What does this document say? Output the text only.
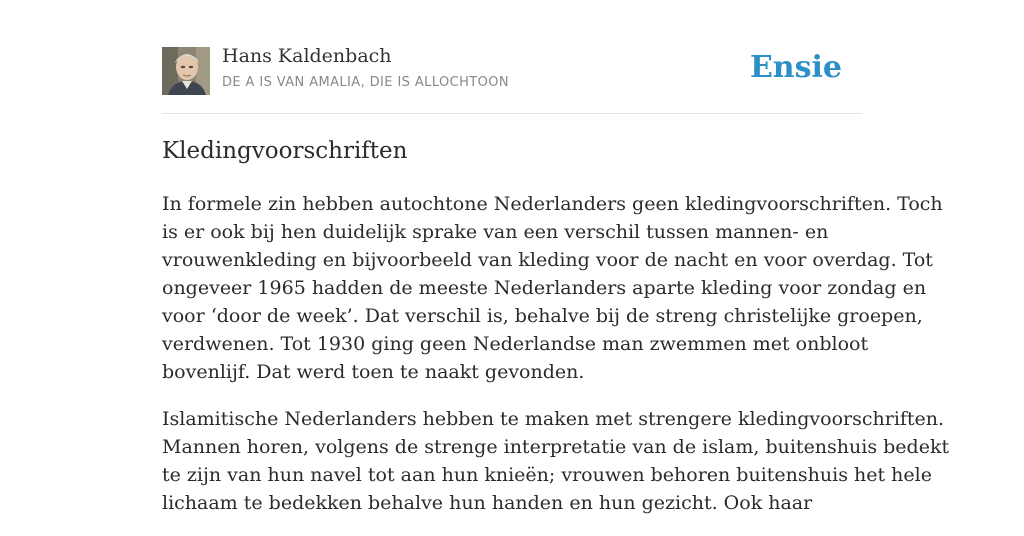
Hans Kaldenbach
DE A IS VAN AMALIA, DIE IS ALLOCHTOON	Ensie
Kledingvoorschriften
In formele zin hebben autochtone Nederlanders geen kledingvoorschriften. Toch
is er ook bij hen duidelijk sprake van een verschil tussen mannen- en
vrouwenkleding en bijvoorbeeld van kleding voor de nacht en voor overdag. Tot
ongeveer 1965 hadden de meeste Nederlanders aparte kleding voor zondag en
voor ‘door de week’. Dat verschil is, behalve bij de streng christelijke groepen,
verdwenen. Tot 1930 ging geen Nederlandse man zwemmen met onbloot
bovenlijf. Dat werd toen te naakt gevonden.
Islamitische Nederlanders hebben te maken met strengere kledingvoorschriften.
Mannen horen, volgens de strenge interpretatie van de islam, buitenshuis bedekt
te zijn van hun navel tot aan hun knieën; vrouwen behoren buitenshuis het hele
lichaam te bedekken behalve hun handen en hun gezicht. Ook haar
